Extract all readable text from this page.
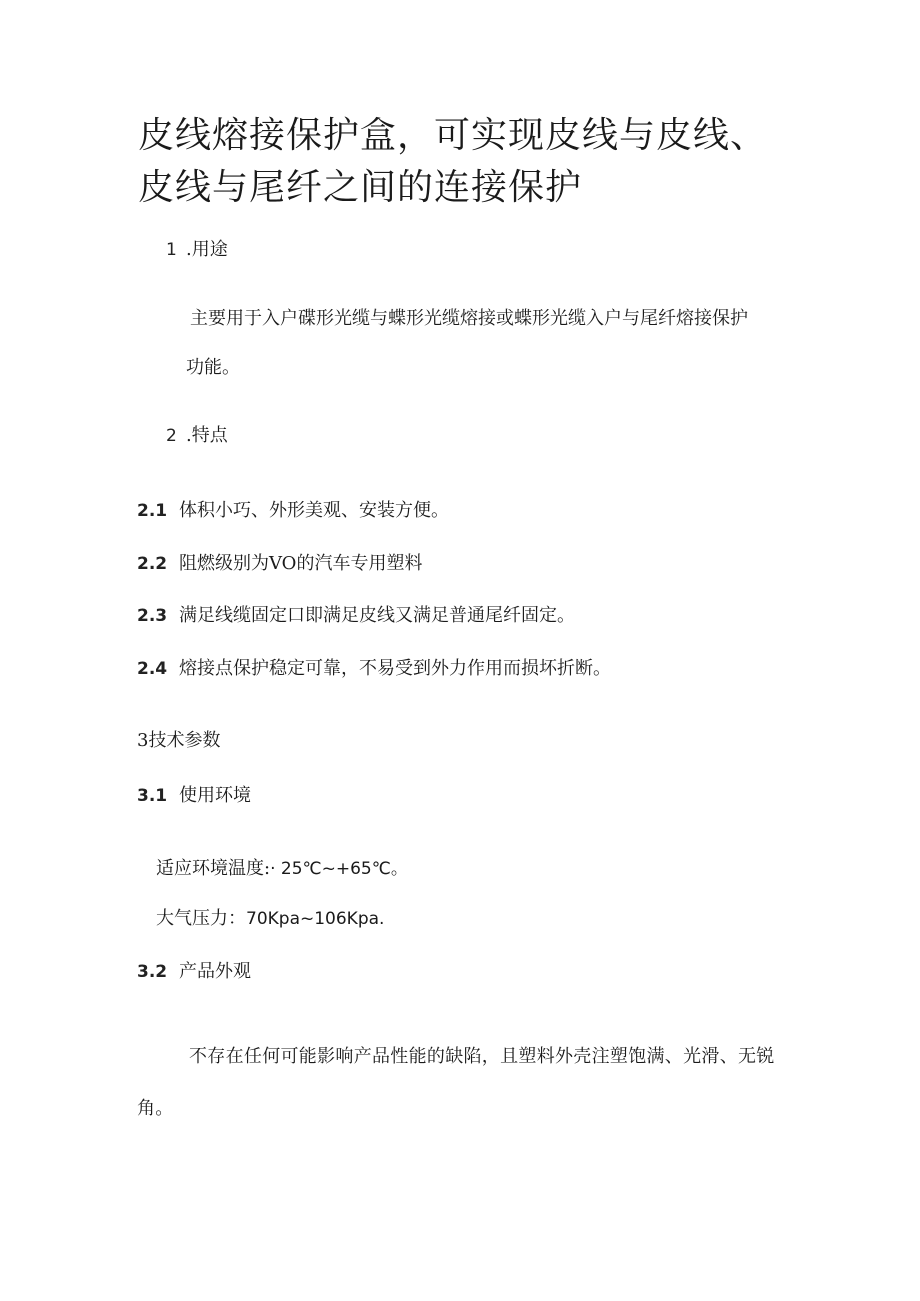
皮线熔接保护盒，可实现皮线与皮线、皮线与尾纤之间的连接保护
1 .用途
主要用于入户碟形光缆与蝶形光缆熔接或蝶形光缆入户与尾纤熔接保护
功能。
2 .特点
2.1 体积小巧、外形美观、安装方便。
2.2 阻燃级别为VO的汽车专用塑料
2.3 满足线缆固定口即满足皮线又满足普通尾纤固定。
2.4 熔接点保护稳定可靠，不易受到外力作用而损坏折断。
3技术参数
3.1 使用环境
适应环境温度:· 25℃~+65℃。
大气压力：70Kpa~106Kpa.
3.2 产品外观
不存在任何可能影响产品性能的缺陷，且塑料外壳注塑饱满、光滑、无锐角。
